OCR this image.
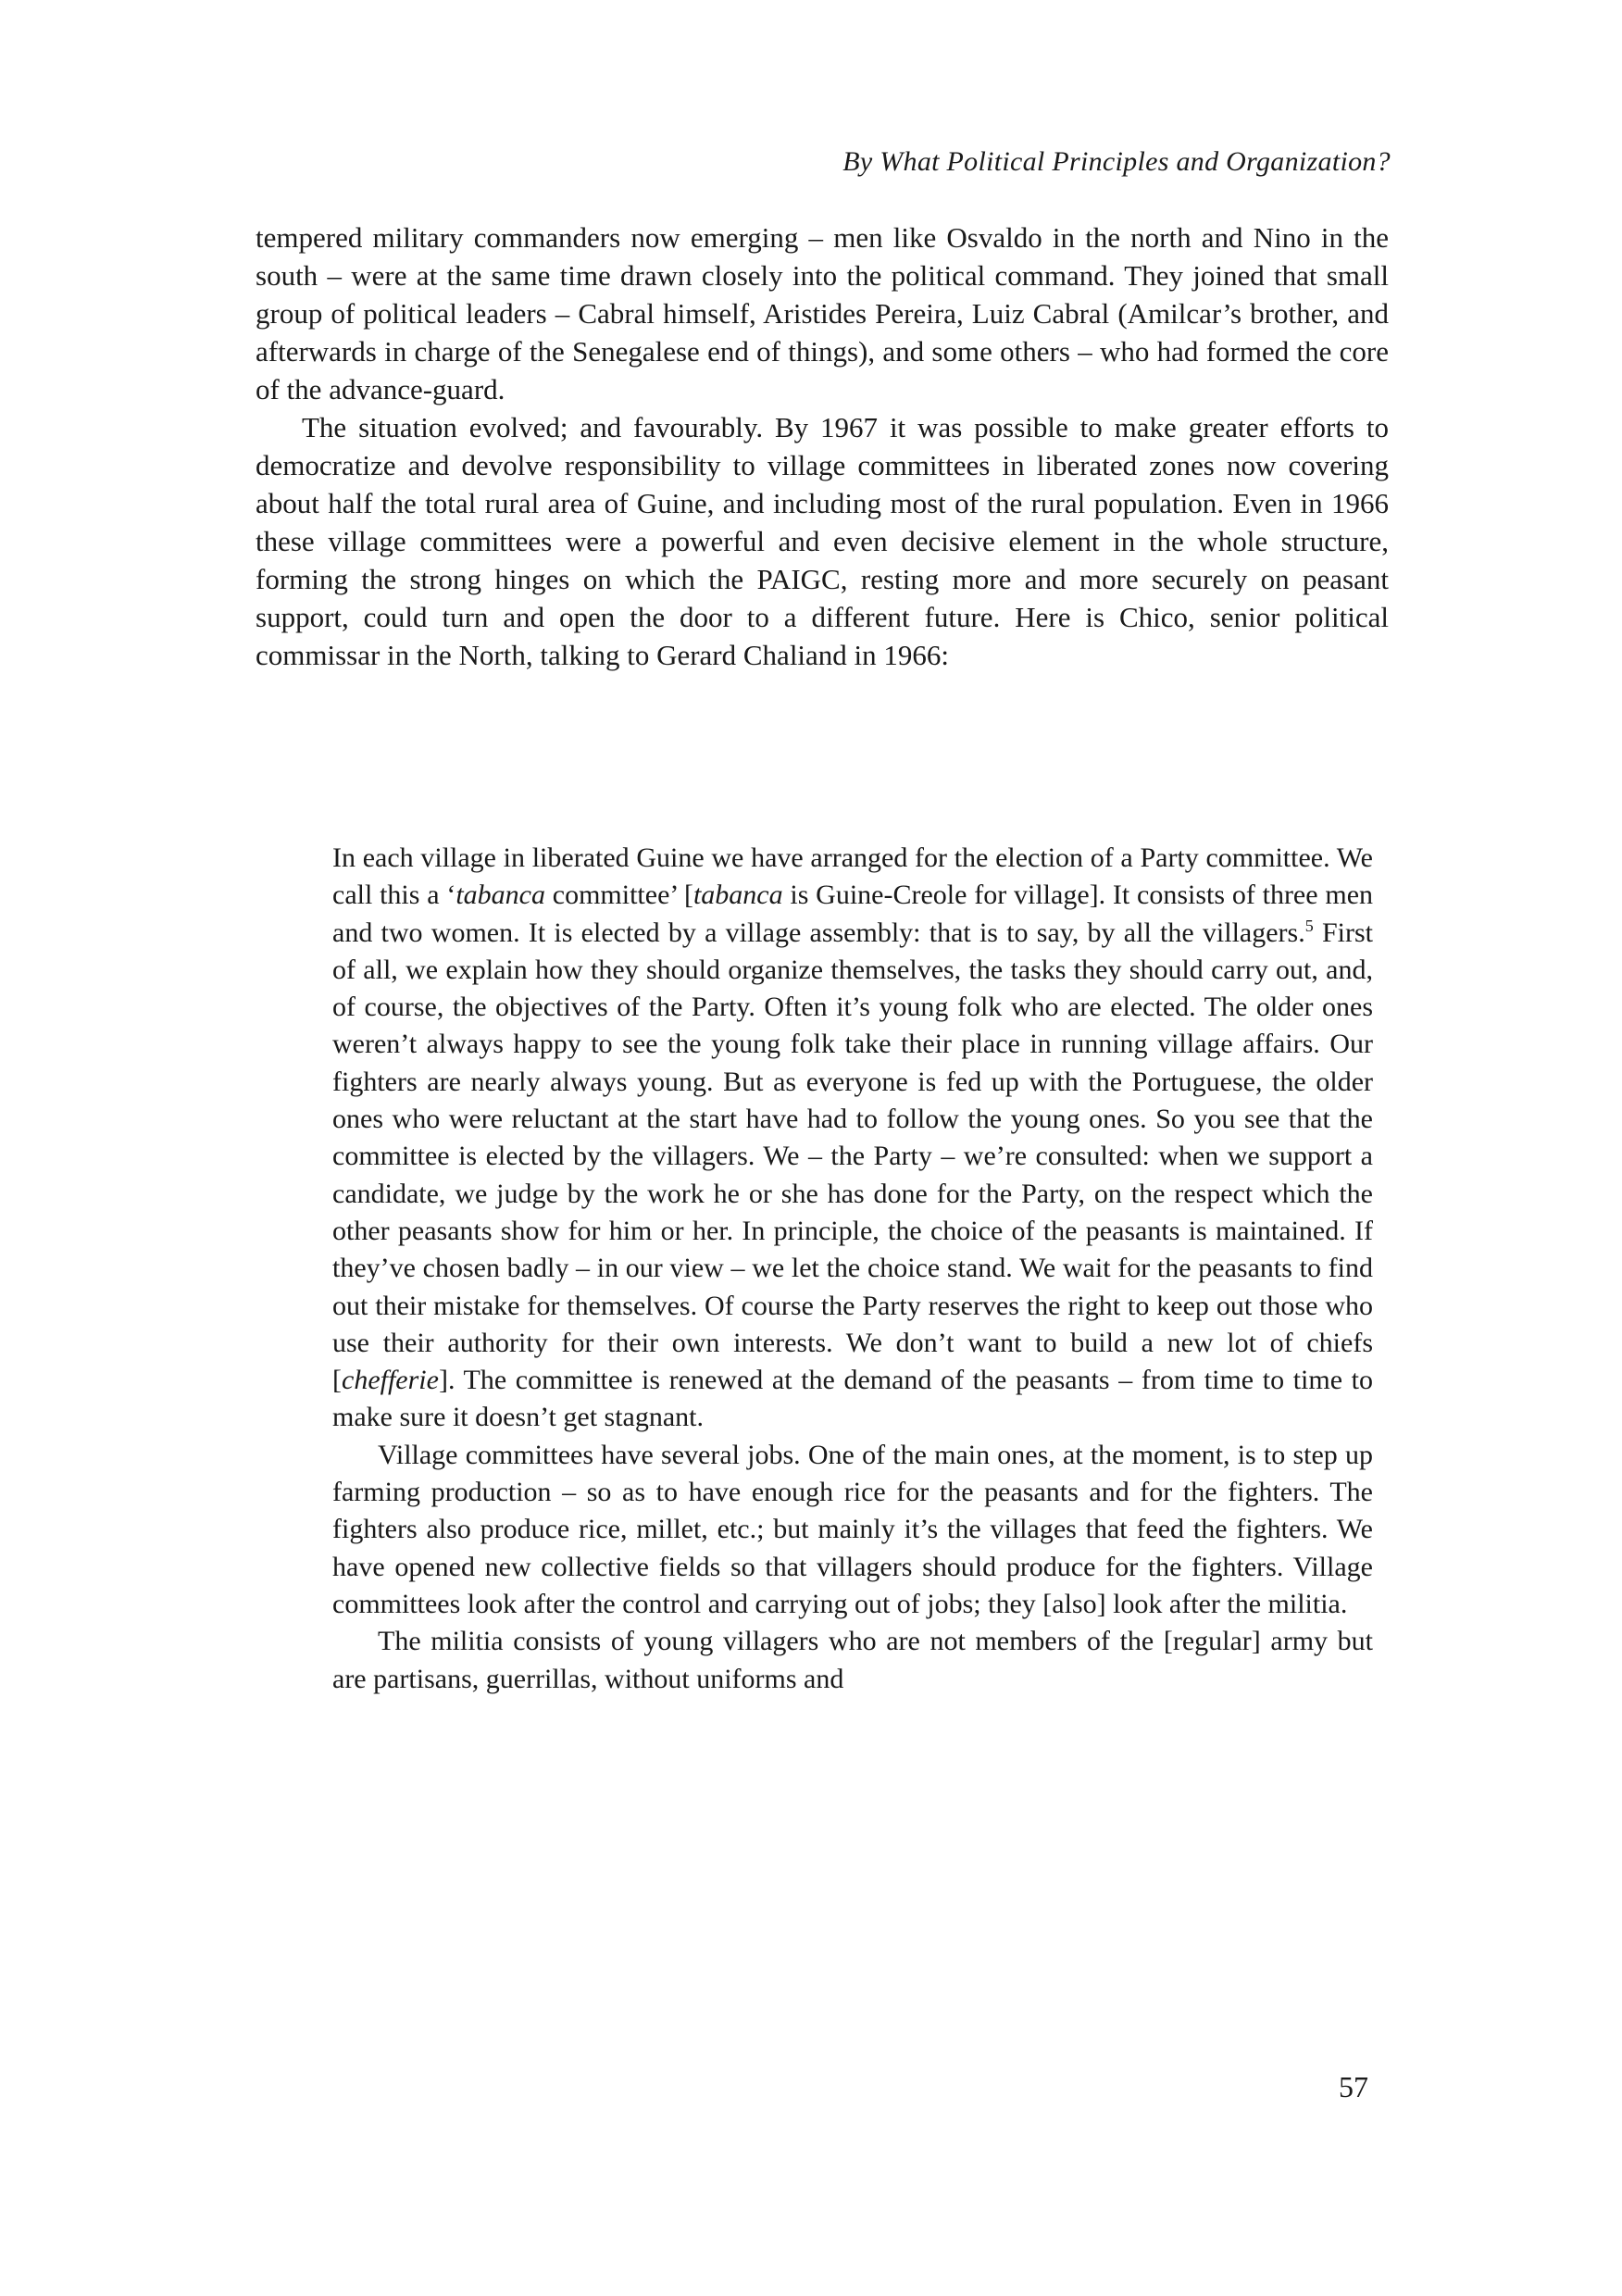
By What Political Principles and Organization?

tempered military commanders now emerging – men like Osvaldo in the north and Nino in the south – were at the same time drawn closely into the political command. They joined that small group of political leaders – Cabral himself, Aristides Pereira, Luiz Cabral (Amilcar’s brother, and afterwards in charge of the Senegalese end of things), and some others – who had formed the core of the advance-guard.

The situation evolved; and favourably. By 1967 it was possible to make greater efforts to democratize and devolve responsibility to village committees in liberated zones now covering about half the total rural area of Guine, and including most of the rural population. Even in 1966 these village committees were a powerful and even decisive element in the whole structure, forming the strong hinges on which the PAIGC, resting more and more securely on peasant support, could turn and open the door to a different future. Here is Chico, senior political commissar in the North, talking to Gerard Chaliand in 1966:

In each village in liberated Guine we have arranged for the election of a Party committee. We call this a ‘tabanca committee’ [tabanca is Guine-Creole for village]. It consists of three men and two women. It is elected by a village assembly: that is to say, by all the villagers.$^5$ First of all, we explain how they should organize themselves, the tasks they should carry out, and, of course, the objectives of the Party. Often it’s young folk who are elected. The older ones weren’t always happy to see the young folk take their place in running village affairs. Our fighters are nearly always young. But as everyone is fed up with the Portuguese, the older ones who were reluctant at the start have had to follow the young ones. So you see that the committee is elected by the villagers. We – the Party – we’re consulted: when we support a candidate, we judge by the work he or she has done for the Party, on the respect which the other peasants show for him or her. In principle, the choice of the peasants is maintained. If they’ve chosen badly – in our view – we let the choice stand. We wait for the peasants to find out their mistake for themselves. Of course the Party reserves the right to keep out those who use their authority for their own interests. We don’t want to build a new lot of chiefs [chefferie]. The committee is renewed at the demand of the peasants – from time to time to make sure it doesn’t get stagnant.

Village committees have several jobs. One of the main ones, at the moment, is to step up farming production – so as to have enough rice for the peasants and for the fighters. The fighters also produce rice, millet, etc.; but mainly it’s the villages that feed the fighters. We have opened new collective fields so that villagers should produce for the fighters. Village committees look after the control and carrying out of jobs; they [also] look after the militia.

The militia consists of young villagers who are not members of the [regular] army but are partisans, guerrillas, without uniforms and

57
